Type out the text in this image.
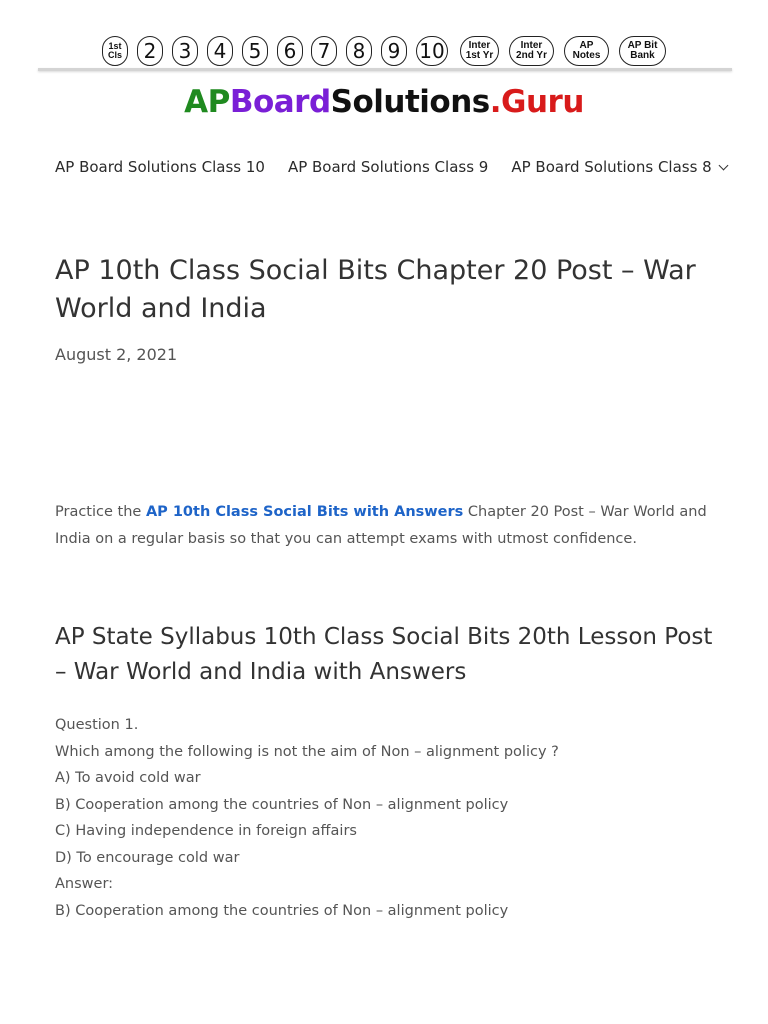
1st
Cls	2	3	4	5	6	7	8	9 10	Inter
1st Yr
Inter
2nd Yr
AP
Notes
AP Bit
Bank
APBoardSolutions.Guru
AP Board Solutions Class 10 AP Board Solutions Class 9 AP Board Solutions Class 8
AP 10th Class Social Bits Chapter 20 Post – War World and India
August 2, 2021

Practice the AP 10th Class Social Bits with Answers Chapter 20 Post – War World and India on a regular basis so that you can attempt exams with utmost confidence.

AP State Syllabus 10th Class Social Bits 20th Lesson Post – War World and India with Answers
Question 1.
Which among the following is not the aim of Non – alignment policy ?
A) To avoid cold war
B) Cooperation among the countries of Non – alignment policy
C) Having independence in foreign affairs
D) To encourage cold war
Answer:
B) Cooperation among the countries of Non – alignment policy
